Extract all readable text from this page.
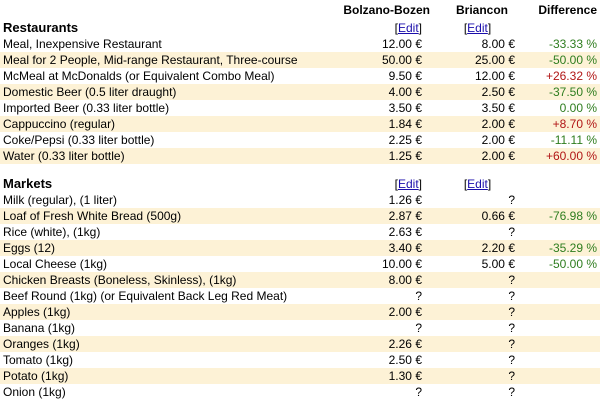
	Bolzano-Bozen	Briancon	Difference
Restaurants	[Edit]	[Edit]	
Meal, Inexpensive Restaurant	12.00 €	8.00 €	-33.33 %
Meal for 2 People, Mid-range Restaurant, Three-course	50.00 €	25.00 €	-50.00 %
McMeal at McDonalds (or Equivalent Combo Meal)	9.50 €	12.00 €	+26.32 %
Domestic Beer (0.5 liter draught)	4.00 €	2.50 €	-37.50 %
Imported Beer (0.33 liter bottle)	3.50 €	3.50 €	0.00 %
Cappuccino (regular)	1.84 €	2.00 €	+8.70 %
Coke/Pepsi (0.33 liter bottle)	2.25 €	2.00 €	-11.11 %
Water (0.33 liter bottle)	1.25 €	2.00 €	+60.00 %

Markets	[Edit]	[Edit]	
Milk (regular), (1 liter)	1.26 €	?	
Loaf of Fresh White Bread (500g)	2.87 €	0.66 €	-76.98 %
Rice (white), (1kg)	2.63 €	?	
Eggs (12)	3.40 €	2.20 €	-35.29 %
Local Cheese (1kg)	10.00 €	5.00 €	-50.00 %
Chicken Breasts (Boneless, Skinless), (1kg)	8.00 €	?	
Beef Round (1kg) (or Equivalent Back Leg Red Meat)	?	?	
Apples (1kg)	2.00 €	?	
Banana (1kg)	?	?	
Oranges (1kg)	2.26 €	?	
Tomato (1kg)	2.50 €	?	
Potato (1kg)	1.30 €	?	
Onion (1kg)	?	?	
